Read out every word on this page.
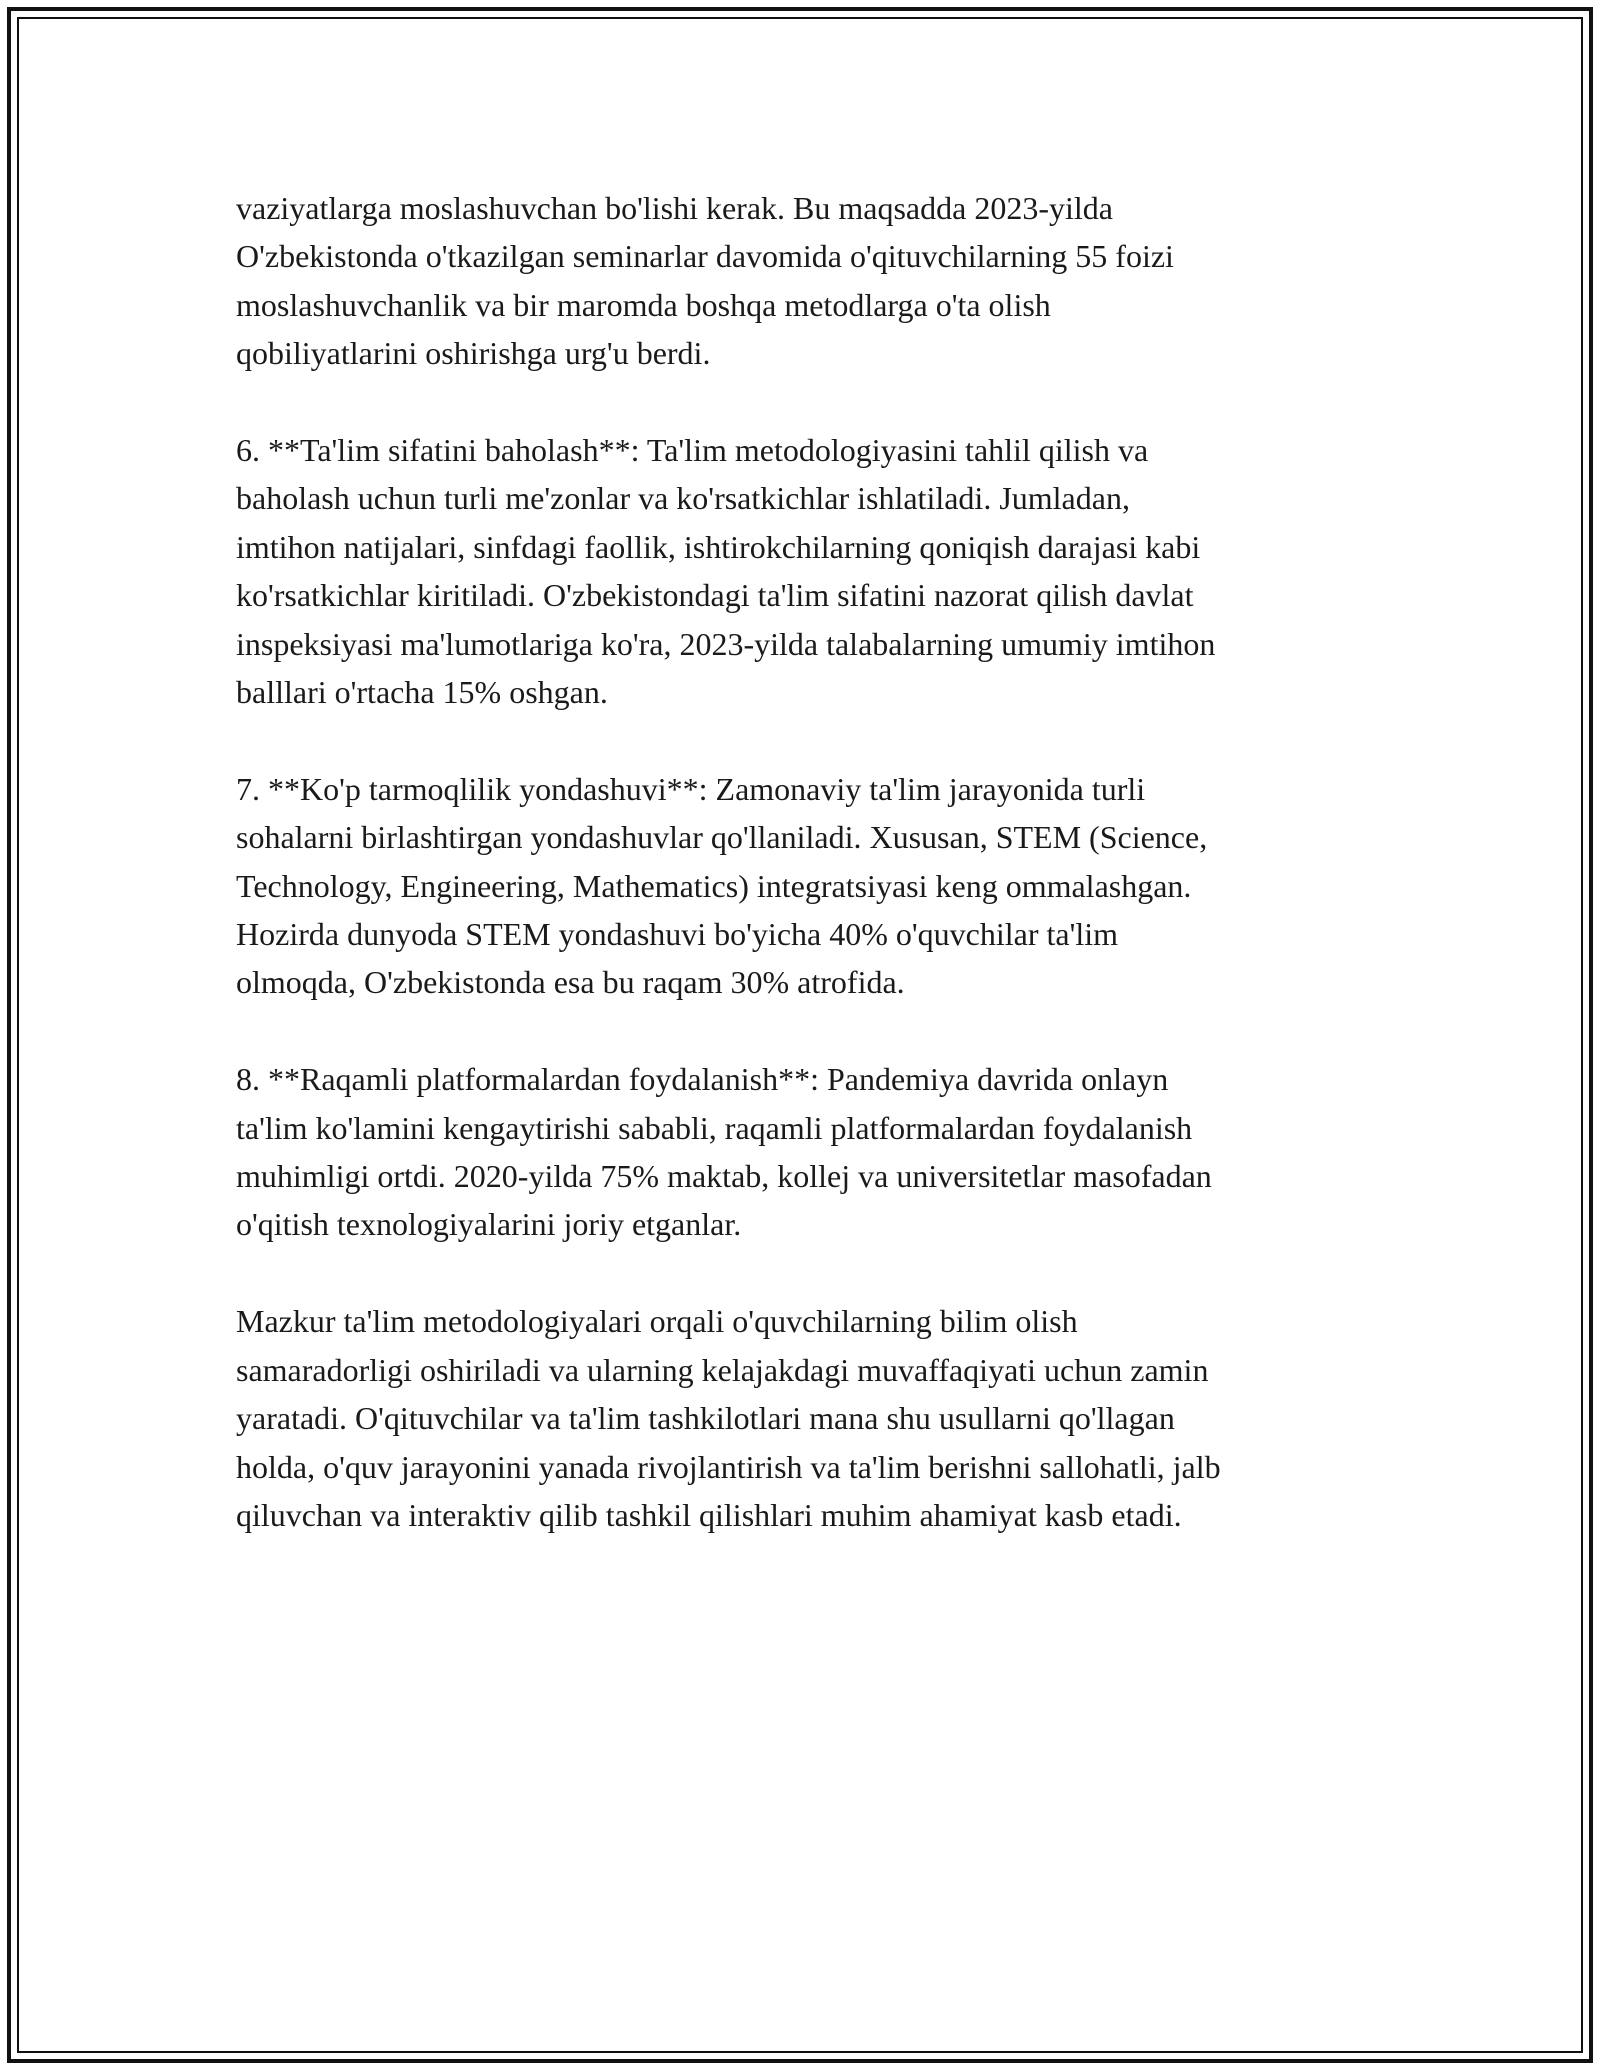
vaziyatlarga moslashuvchan bo'lishi kerak. Bu maqsadda 2023-yilda
O'zbekistonda o'tkazilgan seminarlar davomida o'qituvchilarning 55 foizi
moslashuvchanlik va bir maromda boshqa metodlarga o'ta olish
qobiliyatlarini oshirishga urg'u berdi.

6. **Ta'lim sifatini baholash**: Ta'lim metodologiyasini tahlil qilish va
baholash uchun turli me'zonlar va ko'rsatkichlar ishlatiladi. Jumladan,
imtihon natijalari, sinfdagi faollik, ishtirokchilarning qoniqish darajasi kabi
ko'rsatkichlar kiritiladi. O'zbekistondagi ta'lim sifatini nazorat qilish davlat
inspeksiyasi ma'lumotlariga ko'ra, 2023-yilda talabalarning umumiy imtihon
balllari o'rtacha 15% oshgan.

7. **Ko'p tarmoqlilik yondashuvi**: Zamonaviy ta'lim jarayonida turli
sohalarni birlashtirgan yondashuvlar qo'llaniladi. Xususan, STEM (Science,
Technology, Engineering, Mathematics) integratsiyasi keng ommalashgan.
Hozirda dunyoda STEM yondashuvi bo'yicha 40% o'quvchilar ta'lim
olmoqda, O'zbekistonda esa bu raqam 30% atrofida.

8. **Raqamli platformalardan foydalanish**: Pandemiya davrida onlayn
ta'lim ko'lamini kengaytirishi sababli, raqamli platformalardan foydalanish
muhimligi ortdi. 2020-yilda 75% maktab, kollej va universitetlar masofadan
o'qitish texnologiyalarini joriy etganlar.

Mazkur ta'lim metodologiyalari orqali o'quvchilarning bilim olish
samaradorligi oshiriladi va ularning kelajakdagi muvaffaqiyati uchun zamin
yaratadi. O'qituvchilar va ta'lim tashkilotlari mana shu usullarni qo'llagan
holda, o'quv jarayonini yanada rivojlantirish va ta'lim berishni sallohatli, jalb
qiluvchan va interaktiv qilib tashkil qilishlari muhim ahamiyat kasb etadi.
